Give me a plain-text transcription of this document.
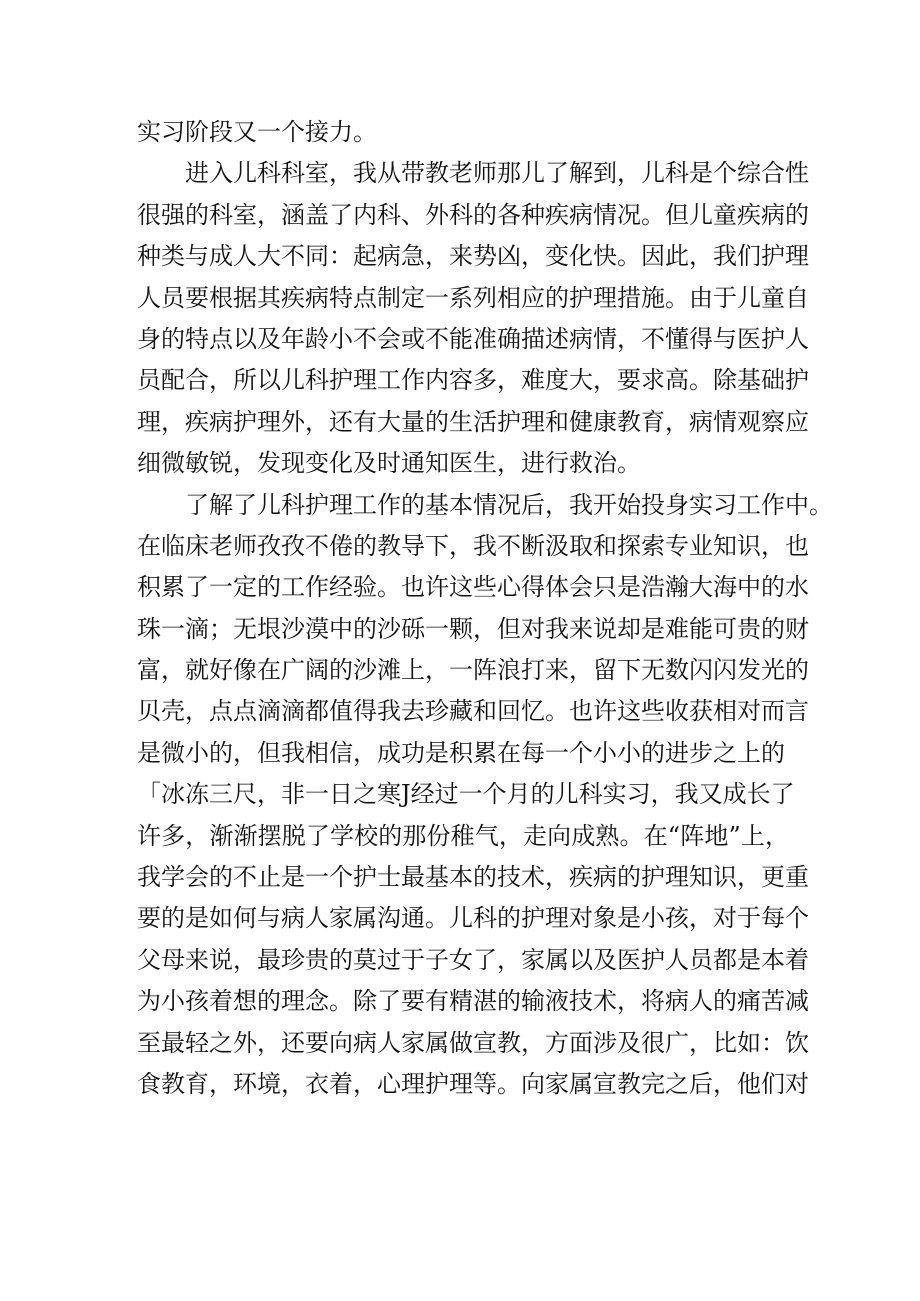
实习阶段又一个接力。
进入儿科科室，我从带教老师那儿了解到，儿科是个综合性
很强的科室，涵盖了内科、外科的各种疾病情况。但儿童疾病的
种类与成人大不同：起病急，来势凶，变化快。因此，我们护理
人员要根据其疾病特点制定一系列相应的护理措施。由于儿童自
身的特点以及年龄小不会或不能准确描述病情，不懂得与医护人
员配合，所以儿科护理工作内容多，难度大，要求高。除基础护
理，疾病护理外，还有大量的生活护理和健康教育，病情观察应
细微敏锐，发现变化及时通知医生，进行救治。
了解了儿科护理工作的基本情况后，我开始投身实习工作中。
在临床老师孜孜不倦的教导下，我不断汲取和探索专业知识，也
积累了一定的工作经验。也许这些心得体会只是浩瀚大海中的水
珠一滴；无垠沙漠中的沙砾一颗，但对我来说却是难能可贵的财
富，就好像在广阔的沙滩上，一阵浪打来，留下无数闪闪发光的
贝壳，点点滴滴都值得我去珍藏和回忆。也许这些收获相对而言
是微小的，但我相信，成功是积累在每一个小小的进步之上的
「冰冻三尺，非一日之寒J经过一个月的儿科实习，我又成长了
许多，渐渐摆脱了学校的那份稚气，走向成熟。在“阵地”上，
我学会的不止是一个护士最基本的技术，疾病的护理知识，更重
要的是如何与病人家属沟通。儿科的护理对象是小孩，对于每个
父母来说，最珍贵的莫过于子女了，家属以及医护人员都是本着
为小孩着想的理念。除了要有精湛的输液技术，将病人的痛苦减
至最轻之外，还要向病人家属做宣教，方面涉及很广，比如：饮
食教育，环境，衣着，心理护理等。向家属宣教完之后，他们对
